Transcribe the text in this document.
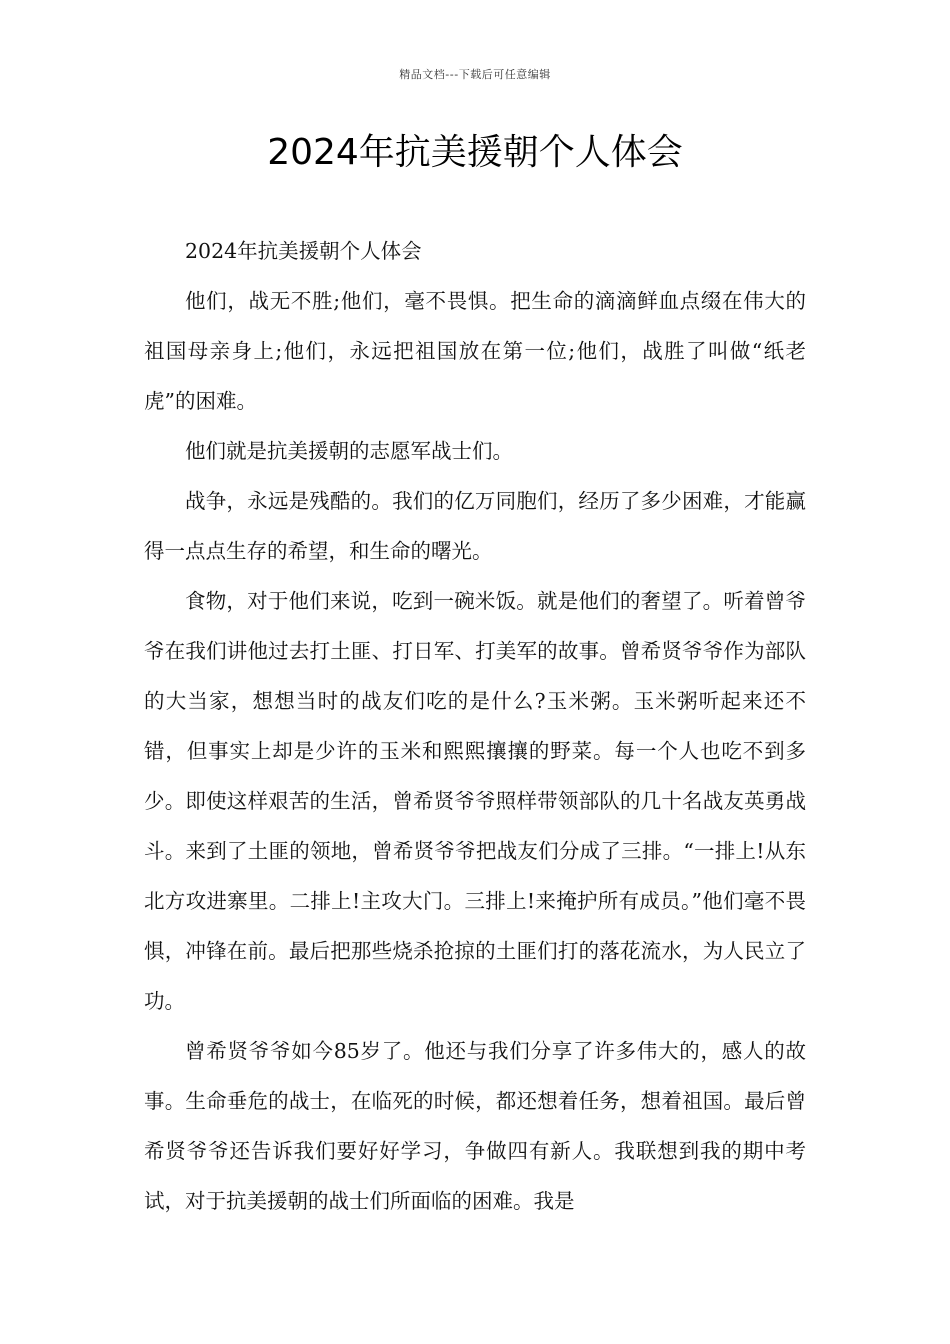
精品文档---下载后可任意编辑
2024年抗美援朝个人体会

2024年抗美援朝个人体会

他们，战无不胜;他们，毫不畏惧。把生命的滴滴鲜血点缀在伟大的祖国母亲身上;他们，永远把祖国放在第一位;他们，战胜了叫做“纸老虎”的困难。

他们就是抗美援朝的志愿军战士们。

战争，永远是残酷的。我们的亿万同胞们，经历了多少困难，才能赢得一点点生存的希望，和生命的曙光。

食物，对于他们来说，吃到一碗米饭。就是他们的奢望了。听着曾爷爷在我们讲他过去打土匪、打日军、打美军的故事。曾希贤爷爷作为部队的大当家，想想当时的战友们吃的是什么?玉米粥。玉米粥听起来还不错，但事实上却是少许的玉米和熙熙攘攘的野菜。每一个人也吃不到多少。即使这样艰苦的生活，曾希贤爷爷照样带领部队的几十名战友英勇战斗。来到了土匪的领地，曾希贤爷爷把战友们分成了三排。“一排上!从东北方攻进寨里。二排上!主攻大门。三排上!来掩护所有成员。”他们毫不畏惧，冲锋在前。最后把那些烧杀抢掠的土匪们打的落花流水，为人民立了功。

曾希贤爷爷如今85岁了。他还与我们分享了许多伟大的，感人的故事。生命垂危的战士，在临死的时候，都还想着任务，想着祖国。最后曾希贤爷爷还告诉我们要好好学习，争做四有新人。我联想到我的期中考试，对于抗美援朝的战士们所面临的困难。我是
